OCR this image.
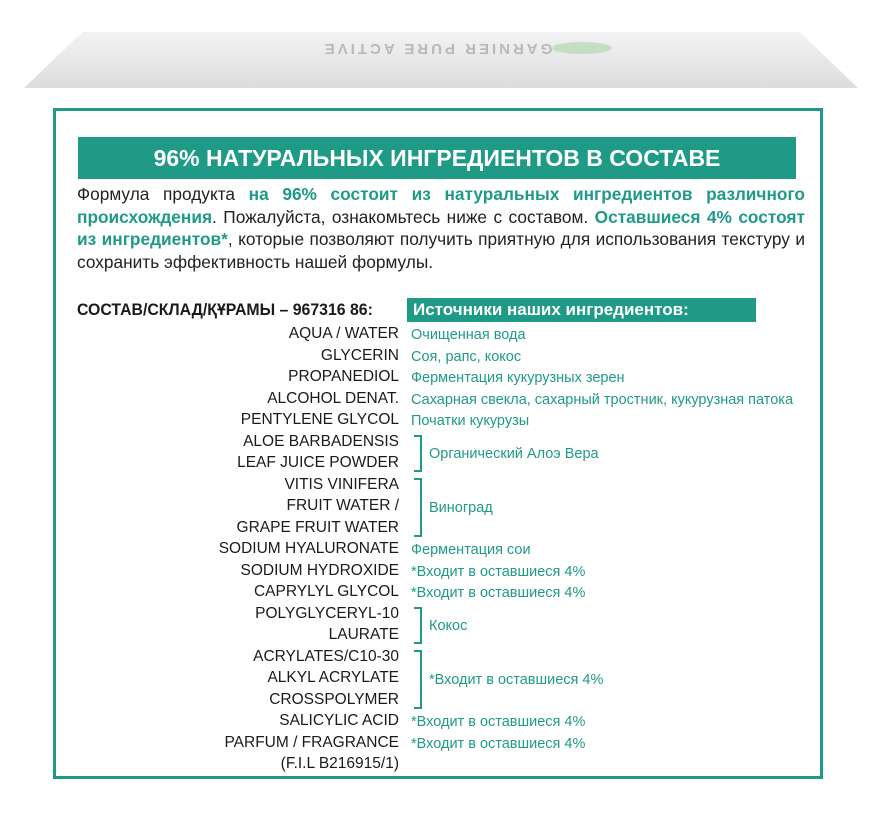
GARNIER PURE ACTIVE
96% НАТУРАЛЬНЫХ ИНГРЕДИЕНТОВ В СОСТАВЕ
Формула продукта на 96% состоит из натуральных ингредиентов различного происхождения. Пожалуйста, ознакомьтесь ниже с составом. Оставшиеся 4% состоят из ингредиентов*, которые позволяют получить приятную для использования текстуру и сохранить эффективность нашей формулы.
СОСТАВ/СКЛАД/ҚҰРАМЫ – 967316 86:	Источники наших ингредиентов:
AQUA / WATER Очищенная вода
GLYCERIN Соя, рапс, кокос
PROPANEDIOL Ферментация кукурузных зерен
ALCOHOL DENAT. Сахарная свекла, сахарный тростник, кукурузная патока
PENTYLENE GLYCOL Початки кукурузы
ALOE BARBADENSIS
LEAF JUICE POWDER Органический Алоэ Вера
VITIS VINIFERA
FRUIT WATER /
GRAPE FRUIT WATER
Виноград
SODIUM HYALURONATE Ферментация сои
SODIUM HYDROXIDE *Входит в оставшиеся 4%
CAPRYLYL GLYCOL *Входит в оставшиеся 4%
POLYGLYCERYL-10
LAURATE Кокос
ACRYLATES/C10-30
ALKYL ACRYLATE
CROSSPOLYMER
*Входит в оставшиеся 4%
SALICYLIC ACID *Входит в оставшиеся 4%
PARFUM / FRAGRANCE *Входит в оставшиеся 4%
(F.I.L B216915/1)
